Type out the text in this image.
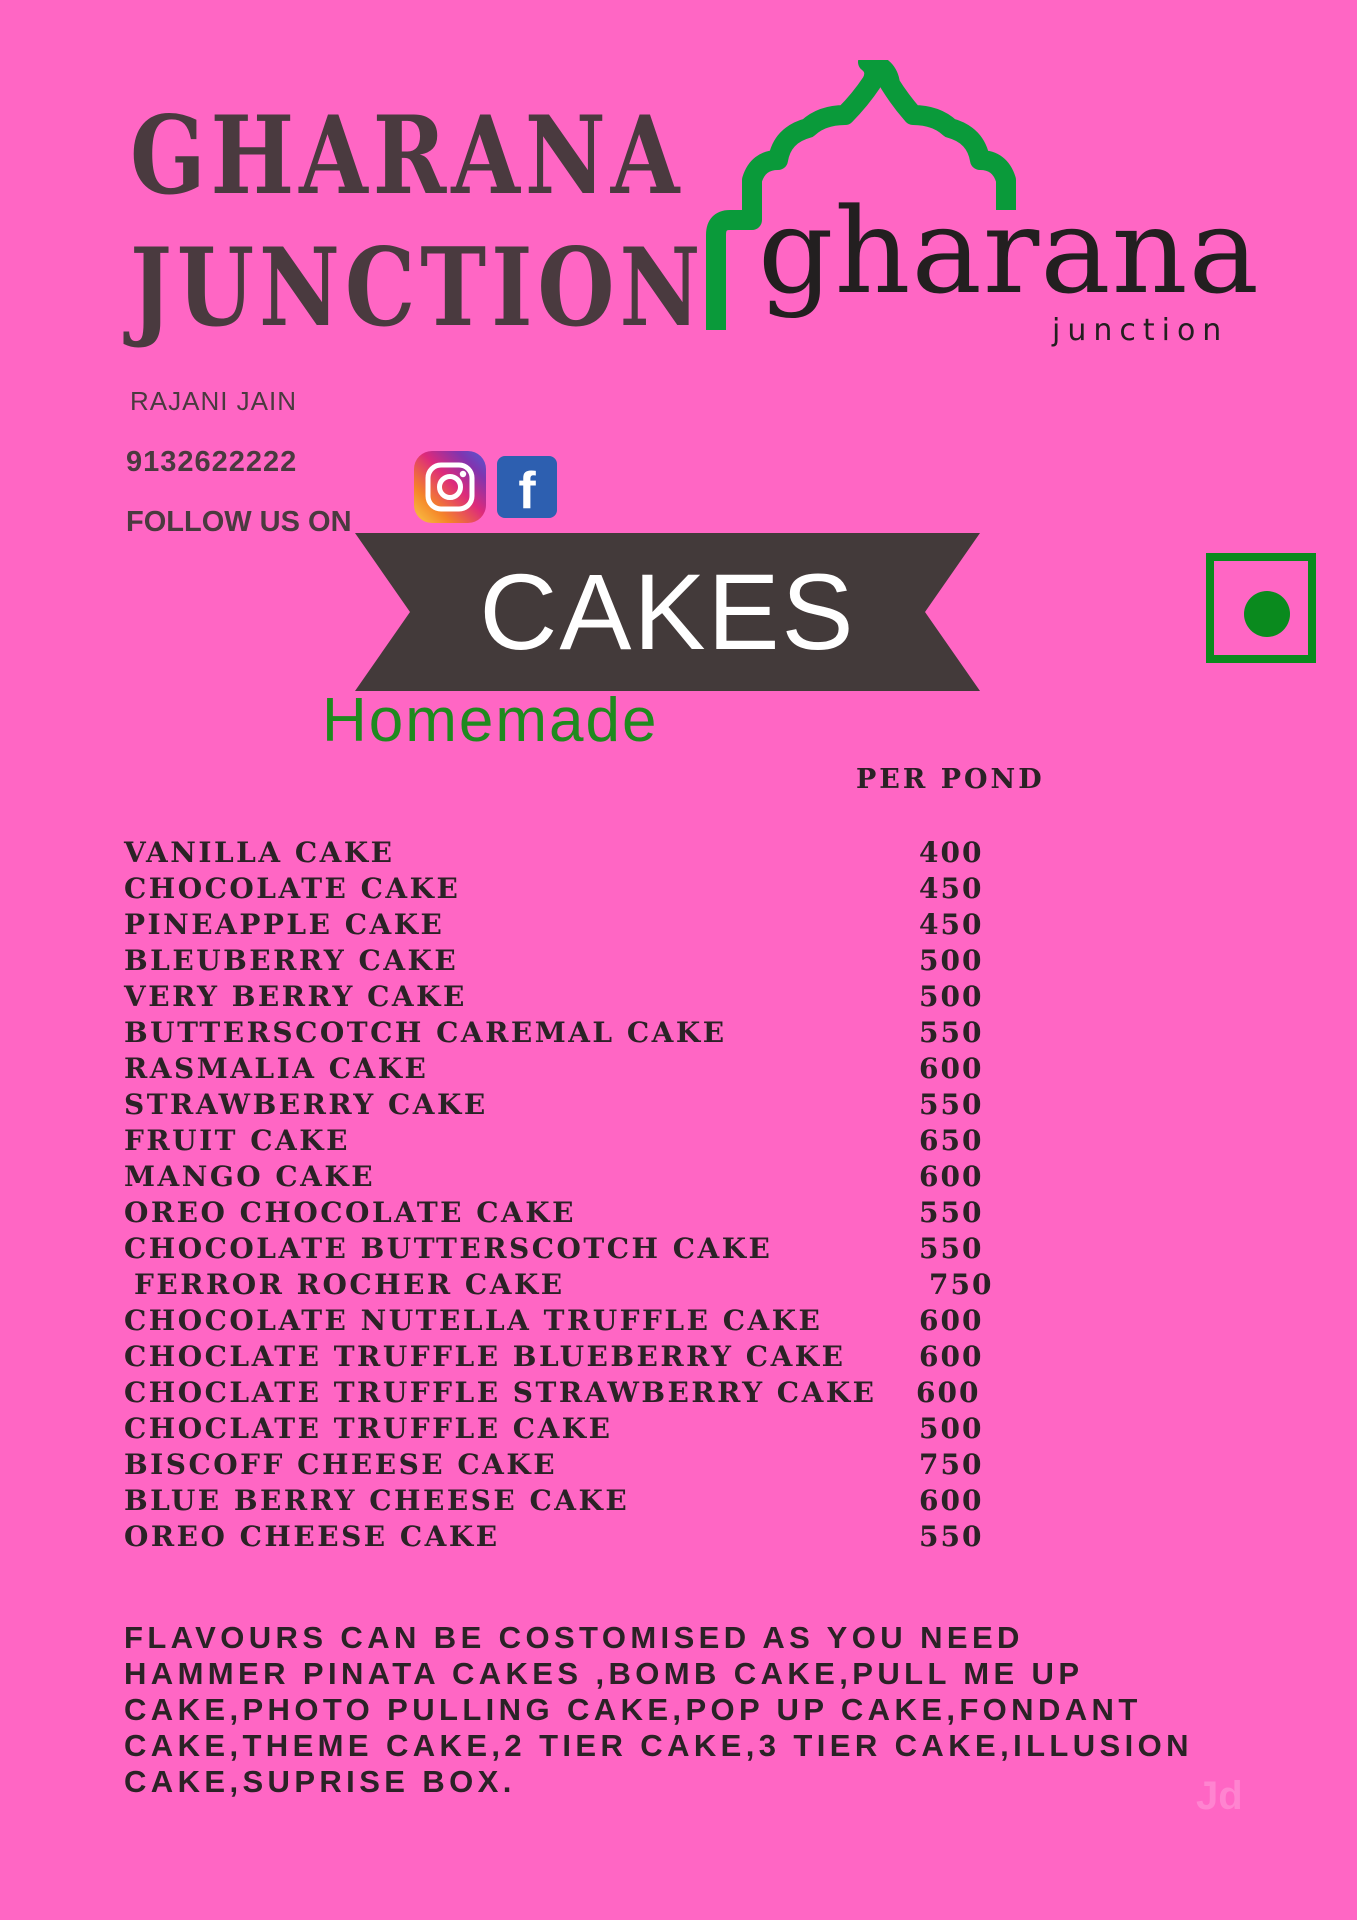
GHARANA
JUNCTION
RAJANI JAIN
9132622222
FOLLOW US ON
f
gharana
junction
CAKES
Homemade
PER POND
VANILLA CAKE	400
CHOCOLATE CAKE	450
PINEAPPLE CAKE	450
BLEUBERRY CAKE	500
VERY BERRY CAKE	500
BUTTERSCOTCH CAREMAL CAKE	550
RASMALIA CAKE	600
STRAWBERRY CAKE	550
FRUIT CAKE	650
MANGO CAKE	600
OREO CHOCOLATE CAKE	550
CHOCOLATE BUTTERSCOTCH CAKE	550
FERROR ROCHER CAKE	750
CHOCOLATE NUTELLA TRUFFLE CAKE	600
CHOCLATE TRUFFLE BLUEBERRY CAKE	600
CHOCLATE TRUFFLE STRAWBERRY CAKE 600
CHOCLATE TRUFFLE CAKE	500
BISCOFF CHEESE CAKE	750
BLUE BERRY CHEESE CAKE	600
OREO CHEESE CAKE	550
FLAVOURS CAN BE COSTOMISED AS YOU NEED
HAMMER PINATA CAKES ,BOMB CAKE,PULL ME UP
CAKE,PHOTO PULLING CAKE,POP UP CAKE,FONDANT
CAKE,THEME CAKE,2 TIER CAKE,3 TIER CAKE,ILLUSION
CAKE,SUPRISE BOX.	Jd
